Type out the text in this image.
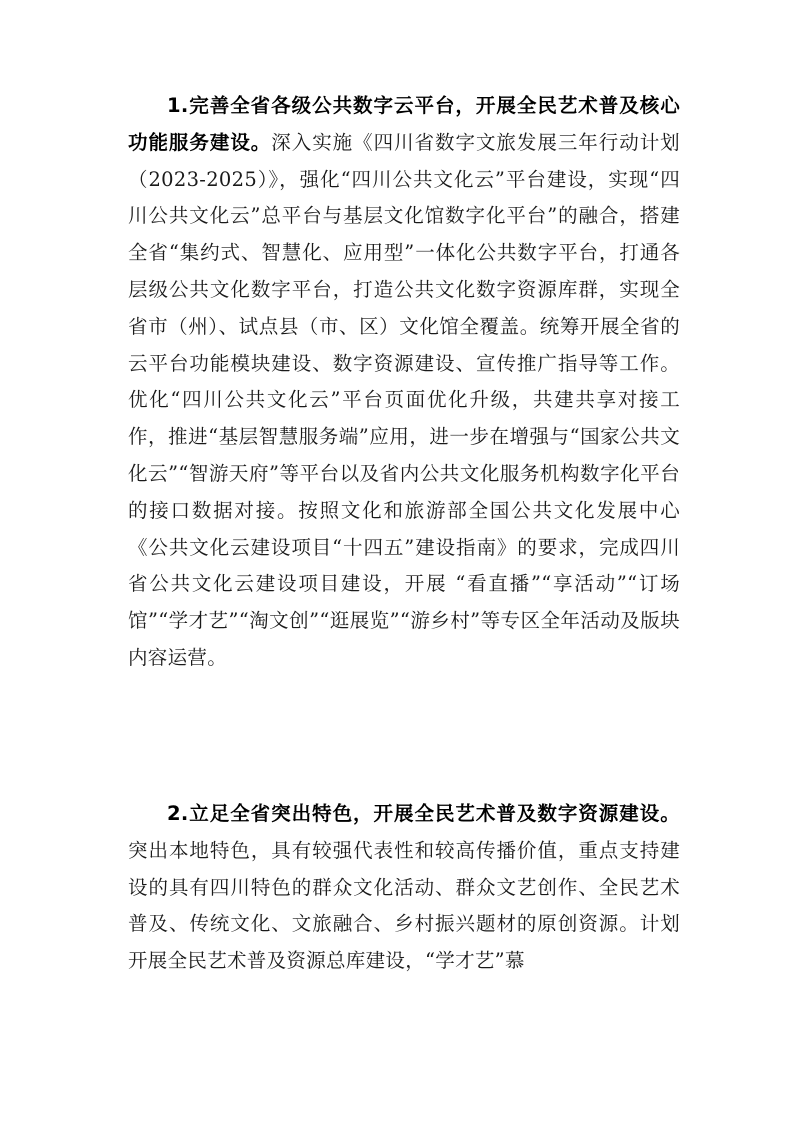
1.完善全省各级公共数字云平台，开展全民艺术普及核心功能服务建设。深入实施《四川省数字文旅发展三年行动计划（2023-2025）》，强化“四川公共文化云”平台建设，实现“四川公共文化云”总平台与基层文化馆数字化平台”的融合，搭建全省“集约式、智慧化、应用型”一体化公共数字平台，打通各层级公共文化数字平台，打造公共文化数字资源库群，实现全省市（州）、试点县（市、区）文化馆全覆盖。统筹开展全省的云平台功能模块建设、数字资源建设、宣传推广指导等工作。优化“四川公共文化云”平台页面优化升级，共建共享对接工作，推进“基层智慧服务端”应用，进一步在增强与“国家公共文化云”“智游天府”等平台以及省内公共文化服务机构数字化平台的接口数据对接。按照文化和旅游部全国公共文化发展中心《公共文化云建设项目“十四五”建设指南》的要求，完成四川省公共文化云建设项目建设，开展 “看直播”“享活动”“订场馆”“学才艺”“淘文创”“逛展览”“游乡村”等专区全年活动及版块内容运营。

2.立足全省突出特色，开展全民艺术普及数字资源建设。突出本地特色，具有较强代表性和较高传播价值，重点支持建设的具有四川特色的群众文化活动、群众文艺创作、全民艺术普及、传统文化、文旅融合、乡村振兴题材的原创资源。计划开展全民艺术普及资源总库建设，“学才艺”慕
